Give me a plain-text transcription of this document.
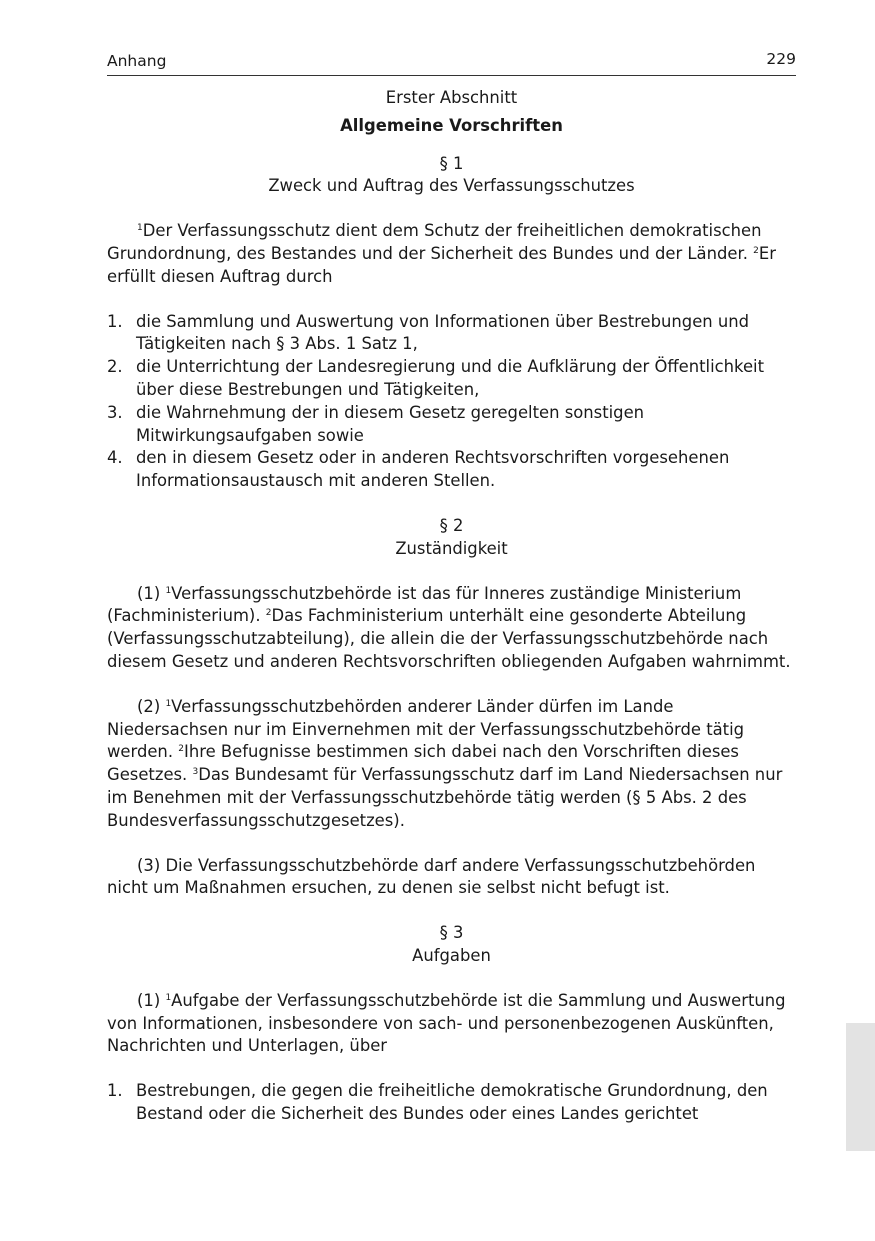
Anhang	229

Erster Abschnitt

Allgemeine Vorschriften

§ 1

Zweck und Auftrag des Verfassungsschutzes

$^1$Der Verfassungsschutz dient dem Schutz der freiheitlichen demokratischen Grundordnung, des Bestandes und der Sicherheit des Bundes und der Länder. $^2$Er erfüllt diesen Auftrag durch

1. die Sammlung und Auswertung von Informationen über Bestrebungen und Tätigkeiten nach § 3 Abs. 1 Satz 1,
2. die Unterrichtung der Landesregierung und die Aufklärung der Öffentlichkeit über diese Bestrebungen und Tätigkeiten,
3. die Wahrnehmung der in diesem Gesetz geregelten sonstigen Mitwirkungsaufgaben sowie
4. den in diesem Gesetz oder in anderen Rechtsvorschriften vorgesehenen Informationsaustausch mit anderen Stellen.

§ 2

Zuständigkeit

(1) $^1$Verfassungsschutzbehörde ist das für Inneres zuständige Ministerium (Fachministerium). $^2$Das Fachministerium unterhält eine gesonderte Abteilung (Verfassungsschutzabteilung), die allein die der Verfassungsschutzbehörde nach diesem Gesetz und anderen Rechtsvorschriften obliegenden Aufgaben wahrnimmt.

(2) $^1$Verfassungsschutzbehörden anderer Länder dürfen im Lande Niedersachsen nur im Einvernehmen mit der Verfassungsschutzbehörde tätig werden. $^2$Ihre Befugnisse bestimmen sich dabei nach den Vorschriften dieses Gesetzes. $^3$Das Bundesamt für Verfassungsschutz darf im Land Niedersachsen nur im Benehmen mit der Verfassungsschutzbehörde tätig werden (§ 5 Abs. 2 des Bundesverfassungsschutzgesetzes).

(3) Die Verfassungsschutzbehörde darf andere Verfassungsschutzbehörden nicht um Maßnahmen ersuchen, zu denen sie selbst nicht befugt ist.

§ 3

Aufgaben

(1) $^1$Aufgabe der Verfassungsschutzbehörde ist die Sammlung und Auswertung von Informationen, insbesondere von sach- und personenbezogenen Auskünften, Nachrichten und Unterlagen, über

1. Bestrebungen, die gegen die freiheitliche demokratische Grundordnung, den Bestand oder die Sicherheit des Bundes oder eines Landes gerichtet
